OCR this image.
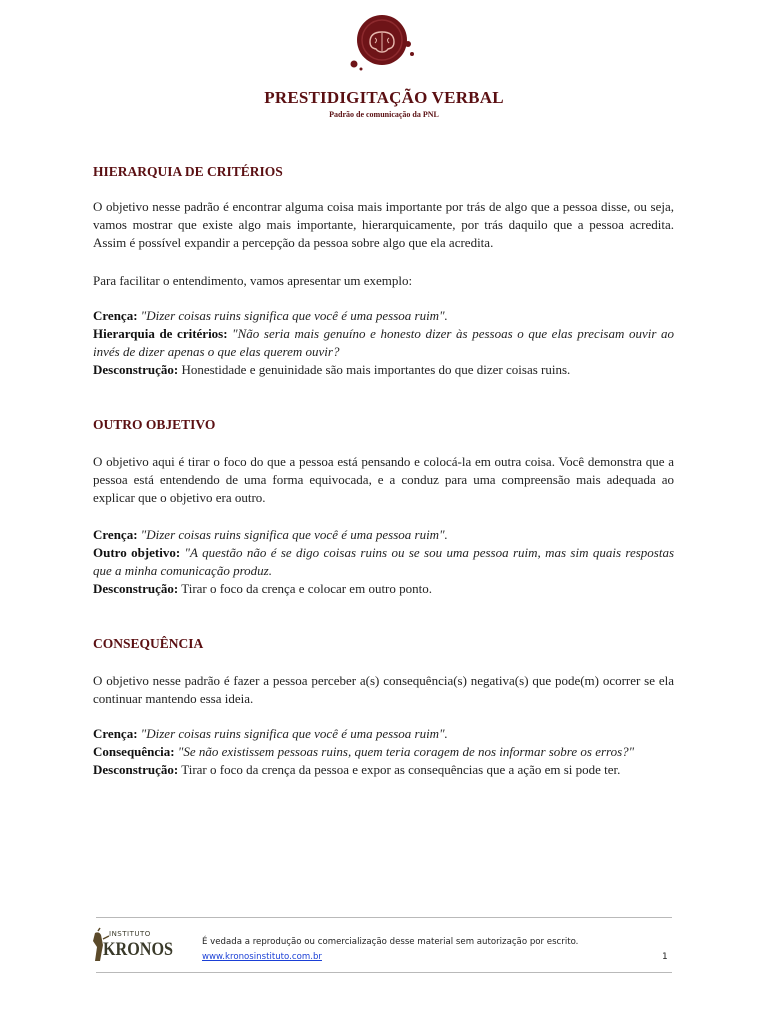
PRESTIDIGITAÇÃO VERBAL
Padrão de comunicação da PNL
HIERARQUIA DE CRITÉRIOS
O objetivo nesse padrão é encontrar alguma coisa mais importante por trás de algo que a pessoa disse, ou seja, vamos mostrar que existe algo mais importante, hierarquicamente, por trás daquilo que a pessoa acredita. Assim é possível expandir a percepção da pessoa sobre algo que ela acredita.
Para facilitar o entendimento, vamos apresentar um exemplo:
Crença: "Dizer coisas ruins significa que você é uma pessoa ruim".
Hierarquia de critérios: "Não seria mais genuíno e honesto dizer às pessoas o que elas precisam ouvir ao invés de dizer apenas o que elas querem ouvir?
Desconstrução: Honestidade e genuinidade são mais importantes do que dizer coisas ruins.
OUTRO OBJETIVO
O objetivo aqui é tirar o foco do que a pessoa está pensando e colocá-la em outra coisa. Você demonstra que a pessoa está entendendo de uma forma equivocada, e a conduz para uma compreensão mais adequada ao explicar que o objetivo era outro.
Crença: "Dizer coisas ruins significa que você é uma pessoa ruim".
Outro objetivo: "A questão não é se digo coisas ruins ou se sou uma pessoa ruim, mas sim quais respostas que a minha comunicação produz.
Desconstrução: Tirar o foco da crença e colocar em outro ponto.
CONSEQUÊNCIA
O objetivo nesse padrão é fazer a pessoa perceber a(s) consequência(s) negativa(s) que pode(m) ocorrer se ela continuar mantendo essa ideia.
Crença: "Dizer coisas ruins significa que você é uma pessoa ruim".
Consequência: "Se não existissem pessoas ruins, quem teria coragem de nos informar sobre os erros?"
Desconstrução: Tirar o foco da crença da pessoa e expor as consequências que a ação em si pode ter.
INSTITUTO
KRONOS	É vedada a reprodução ou comercialização desse material sem autorização por escrito.
www.kronosinstituto.com.br	1
